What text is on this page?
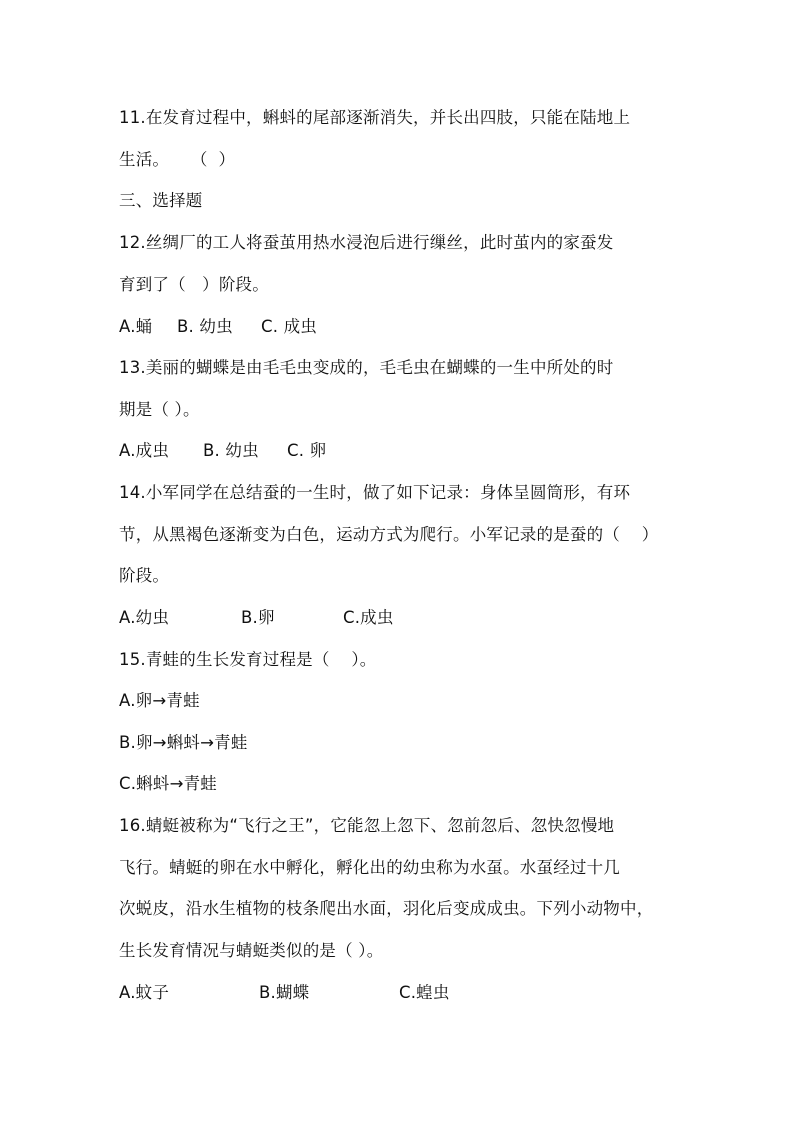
11.在发育过程中，蝌蚪的尾部逐渐消失，并长出四肢，只能在陆地上
生活。    （  ）
三、选择题
12.丝绸厂的工人将蚕茧用热水浸泡后进行缫丝，此时茧内的家蚕发
育到了（   ）阶段。
A.蛹	B. 幼虫	C. 成虫
13.美丽的蝴蝶是由毛毛虫变成的，毛毛虫在蝴蝶的一生中所处的时
期是（ ）。
A.成虫	B. 幼虫	C. 卵
14.小军同学在总结蚕的一生时，做了如下记录：身体呈圆筒形，有环
节，从黑褐色逐渐变为白色，运动方式为爬行。小军记录的是蚕的（    ）
阶段。
A.幼虫	B.卵	C.成虫
15.青蛙的生长发育过程是（    ）。
A.卵→青蛙
B.卵→蝌蚪→青蛙
C.蝌蚪→青蛙
16.蜻蜓被称为“飞行之王”，它能忽上忽下、忽前忽后、忽快忽慢地
飞行。蜻蜓的卵在水中孵化，孵化出的幼虫称为水虿。水虿经过十几
次蜕皮，沿水生植物的枝条爬出水面，羽化后变成成虫。下列小动物中，
生长发育情况与蜻蜓类似的是（ ）。
A.蚊子	B.蝴蝶	C.蝗虫
